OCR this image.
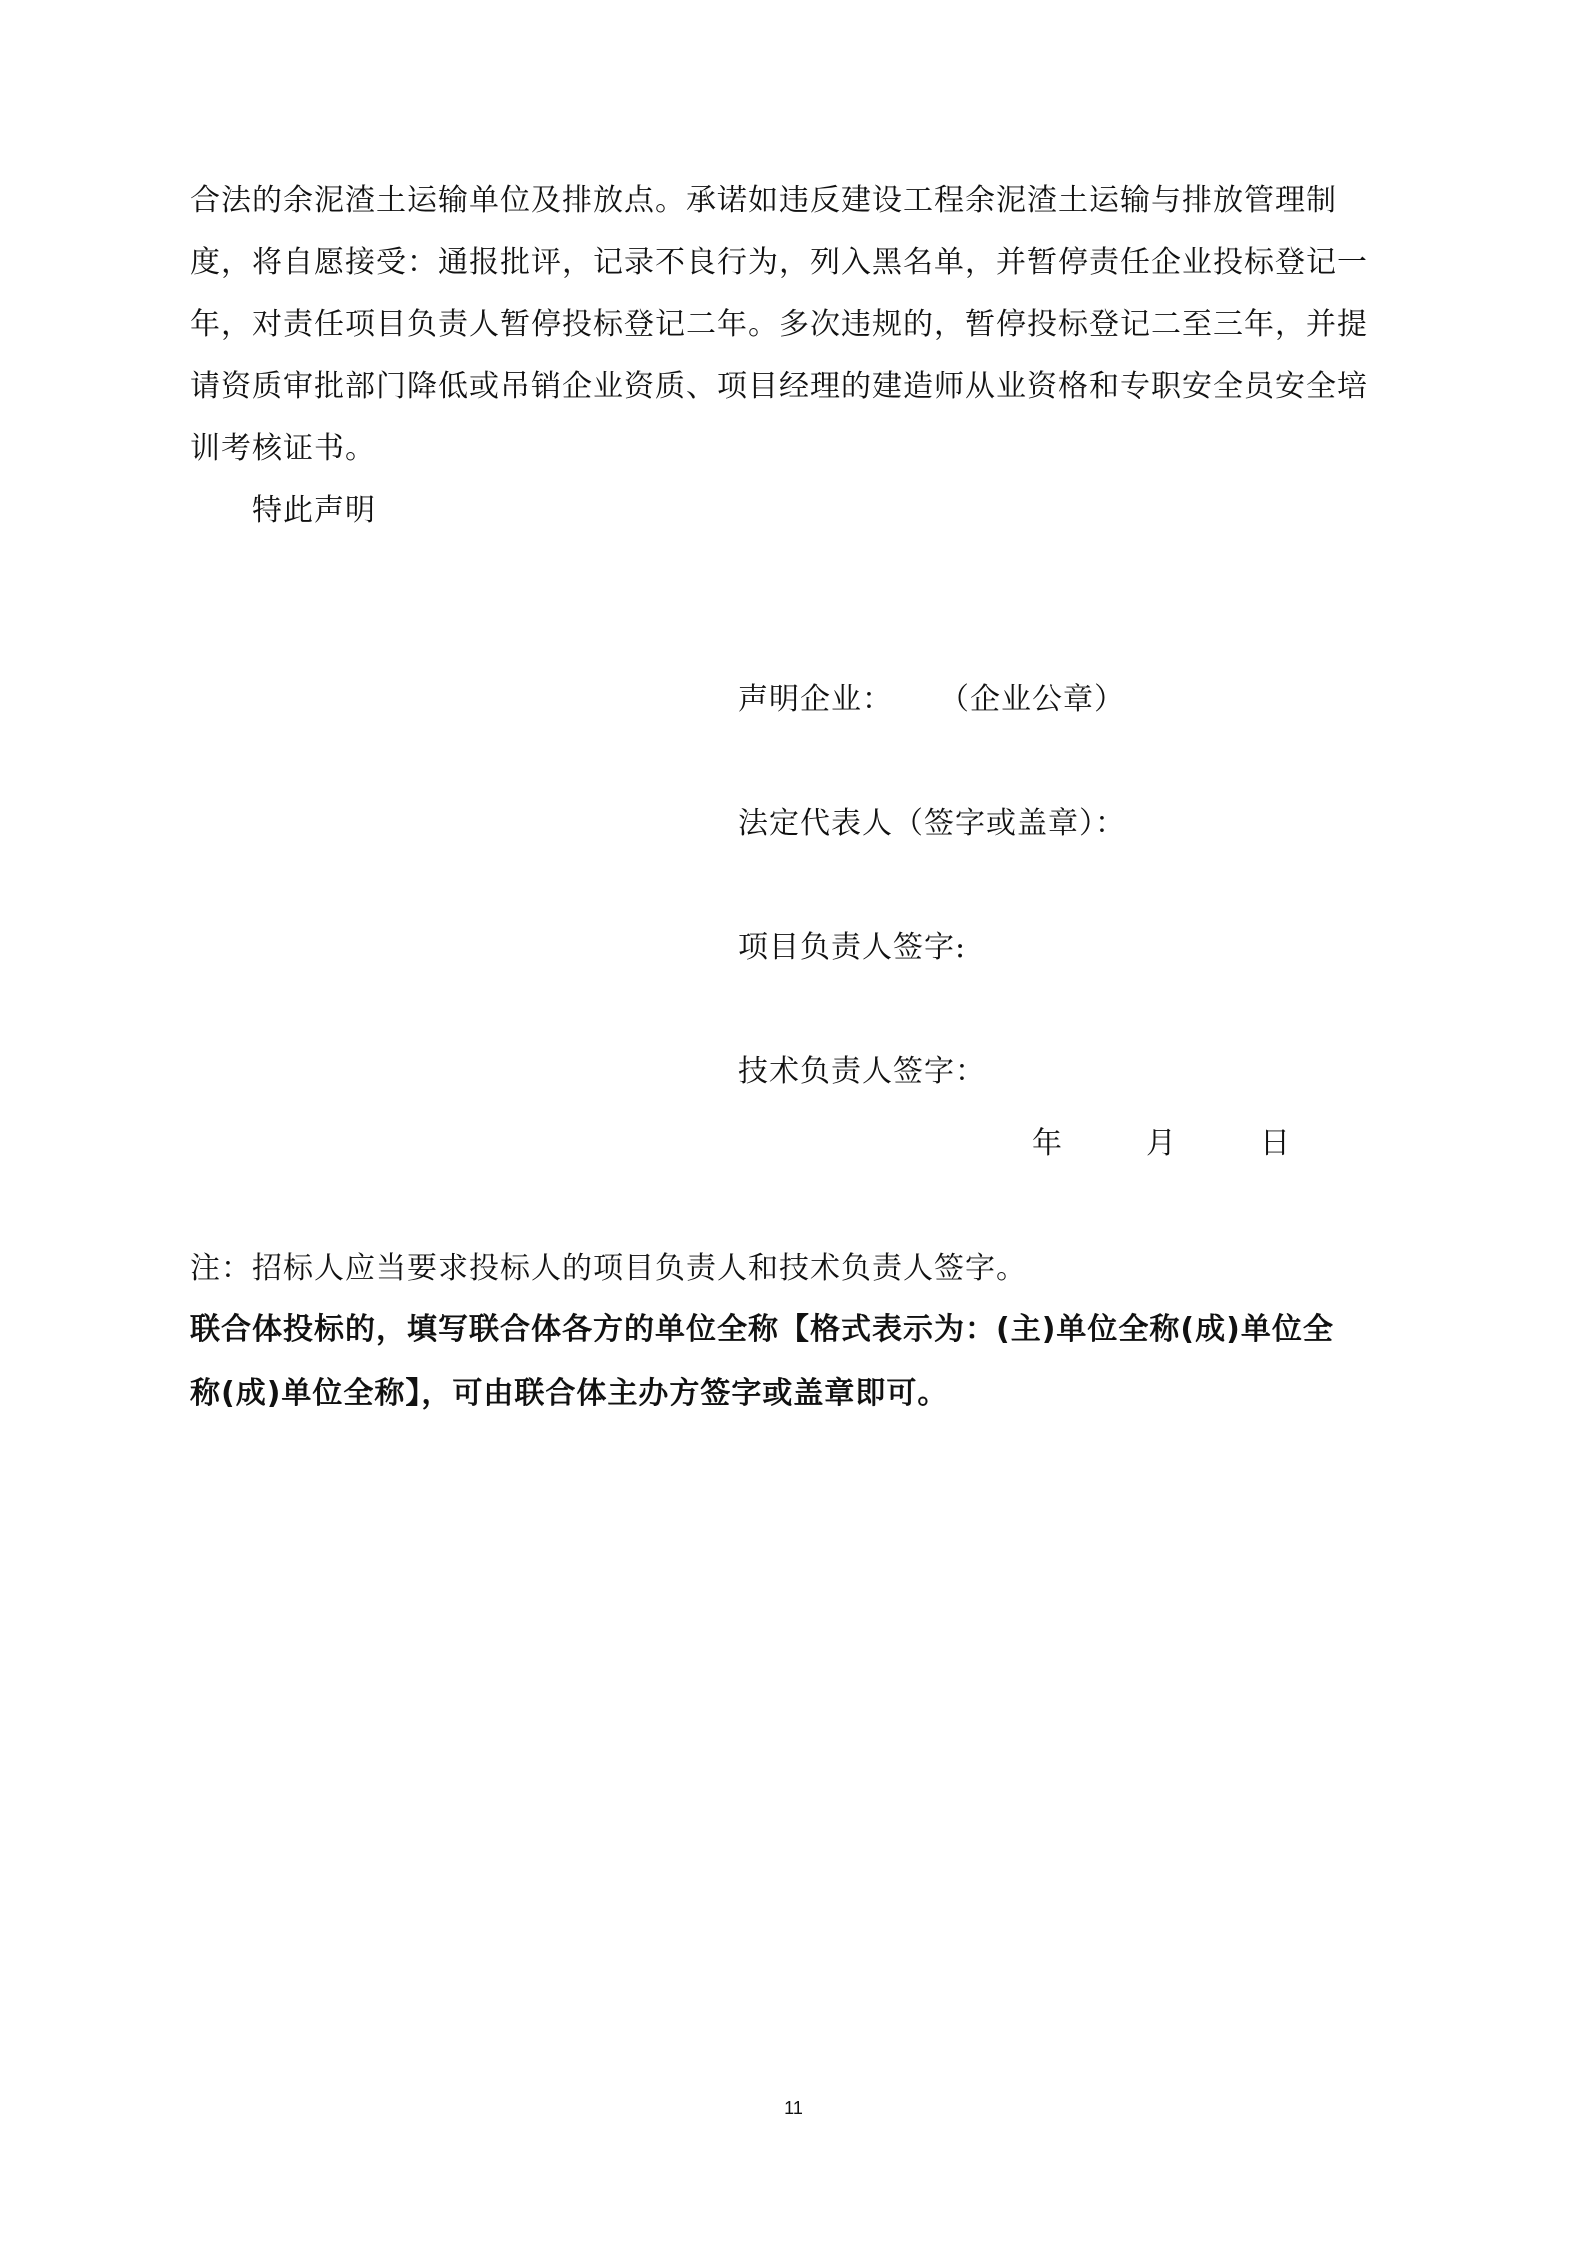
合法的余泥渣土运输单位及排放点。承诺如违反建设工程余泥渣土运输与排放管理制
度，将自愿接受：通报批评，记录不良行为，列入黑名单，并暂停责任企业投标登记一
年，对责任项目负责人暂停投标登记二年。多次违规的，暂停投标登记二至三年，并提
请资质审批部门降低或吊销企业资质、项目经理的建造师从业资格和专职安全员安全培
训考核证书。
特此声明
声明企业： （企业公章）
法定代表人（签字或盖章）：
项目负责人签字:
技术负责人签字：
年	月	日
注：招标人应当要求投标人的项目负责人和技术负责人签字。
联合体投标的，填写联合体各方的单位全称【格式表示为：(主)单位全称(成)单位全
称(成)单位全称】，可由联合体主办方签字或盖章即可。
11
